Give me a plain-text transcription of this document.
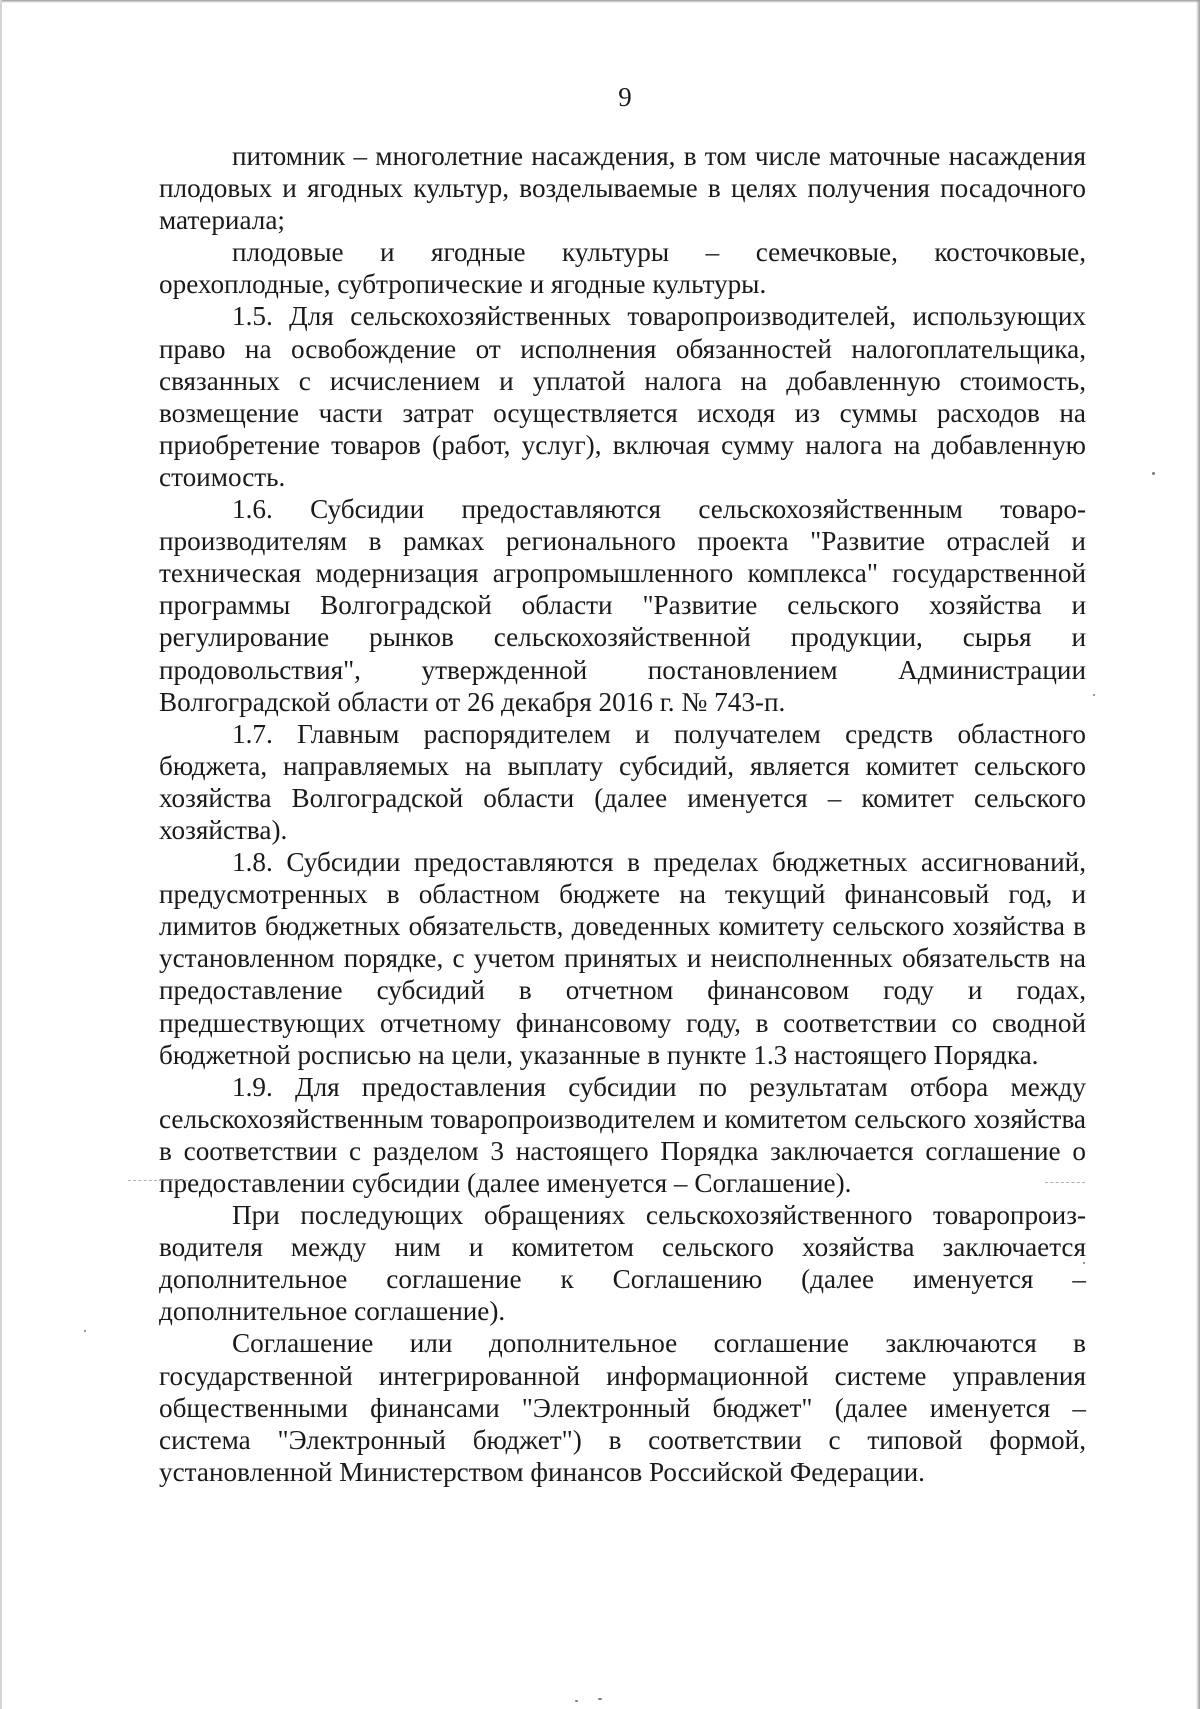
9

питомник – многолетние насаждения, в том числе маточные насаждения плодовых и ягодных культур, возделываемые в целях получения посадочного материала;

плодовые и ягодные культуры – семечковые, косточковые, орехоплодные, субтропические и ягодные культуры.

1.5. Для сельскохозяйственных товаропроизводителей, использующих право на освобождение от исполнения обязанностей налогоплательщика, связанных с исчислением и уплатой налога на добавленную стоимость, возмещение части затрат осуществляется исходя из суммы расходов на приобретение товаров (работ, услуг), включая сумму налога на добавленную стоимость.

1.6. Субсидии предоставляются сельскохозяйственным товаропроизводителям в рамках регионального проекта "Развитие отраслей и техническая модернизация агропромышленного комплекса" государственной программы Волгоградской области "Развитие сельского хозяйства и регулирование рынков сельскохозяйственной продукции, сырья и продовольствия", утвержденной постановлением Администрации Волгоградской области от 26 декабря 2016 г. № 743-п.

1.7. Главным распорядителем и получателем средств областного бюджета, направляемых на выплату субсидий, является комитет сельского хозяйства Волгоградской области (далее именуется – комитет сельского хозяйства).

1.8. Субсидии предоставляются в пределах бюджетных ассигнований, предусмотренных в областном бюджете на текущий финансовый год, и лимитов бюджетных обязательств, доведенных комитету сельского хозяйства в установленном порядке, с учетом принятых и неисполненных обязательств на предоставление субсидий в отчетном финансовом году и годах, предшествующих отчетному финансовому году, в соответствии со сводной бюджетной росписью на цели, указанные в пункте 1.3 настоящего Порядка.

1.9. Для предоставления субсидии по результатам отбора между сельскохозяйственным товаропроизводителем и комитетом сельского хозяйства в соответствии с разделом 3 настоящего Порядка заключается соглашение о предоставлении субсидии (далее именуется – Соглашение).

При последующих обращениях сельскохозяйственного товаропроизводителя между ним и комитетом сельского хозяйства заключается дополнительное соглашение к Соглашению (далее именуется – дополнительное соглашение).

Соглашение или дополнительное соглашение заключаются в государственной интегрированной информационной системе управления общественными финансами "Электронный бюджет" (далее именуется – система "Электронный бюджет") в соответствии с типовой формой, установленной Министерством финансов Российской Федерации.
